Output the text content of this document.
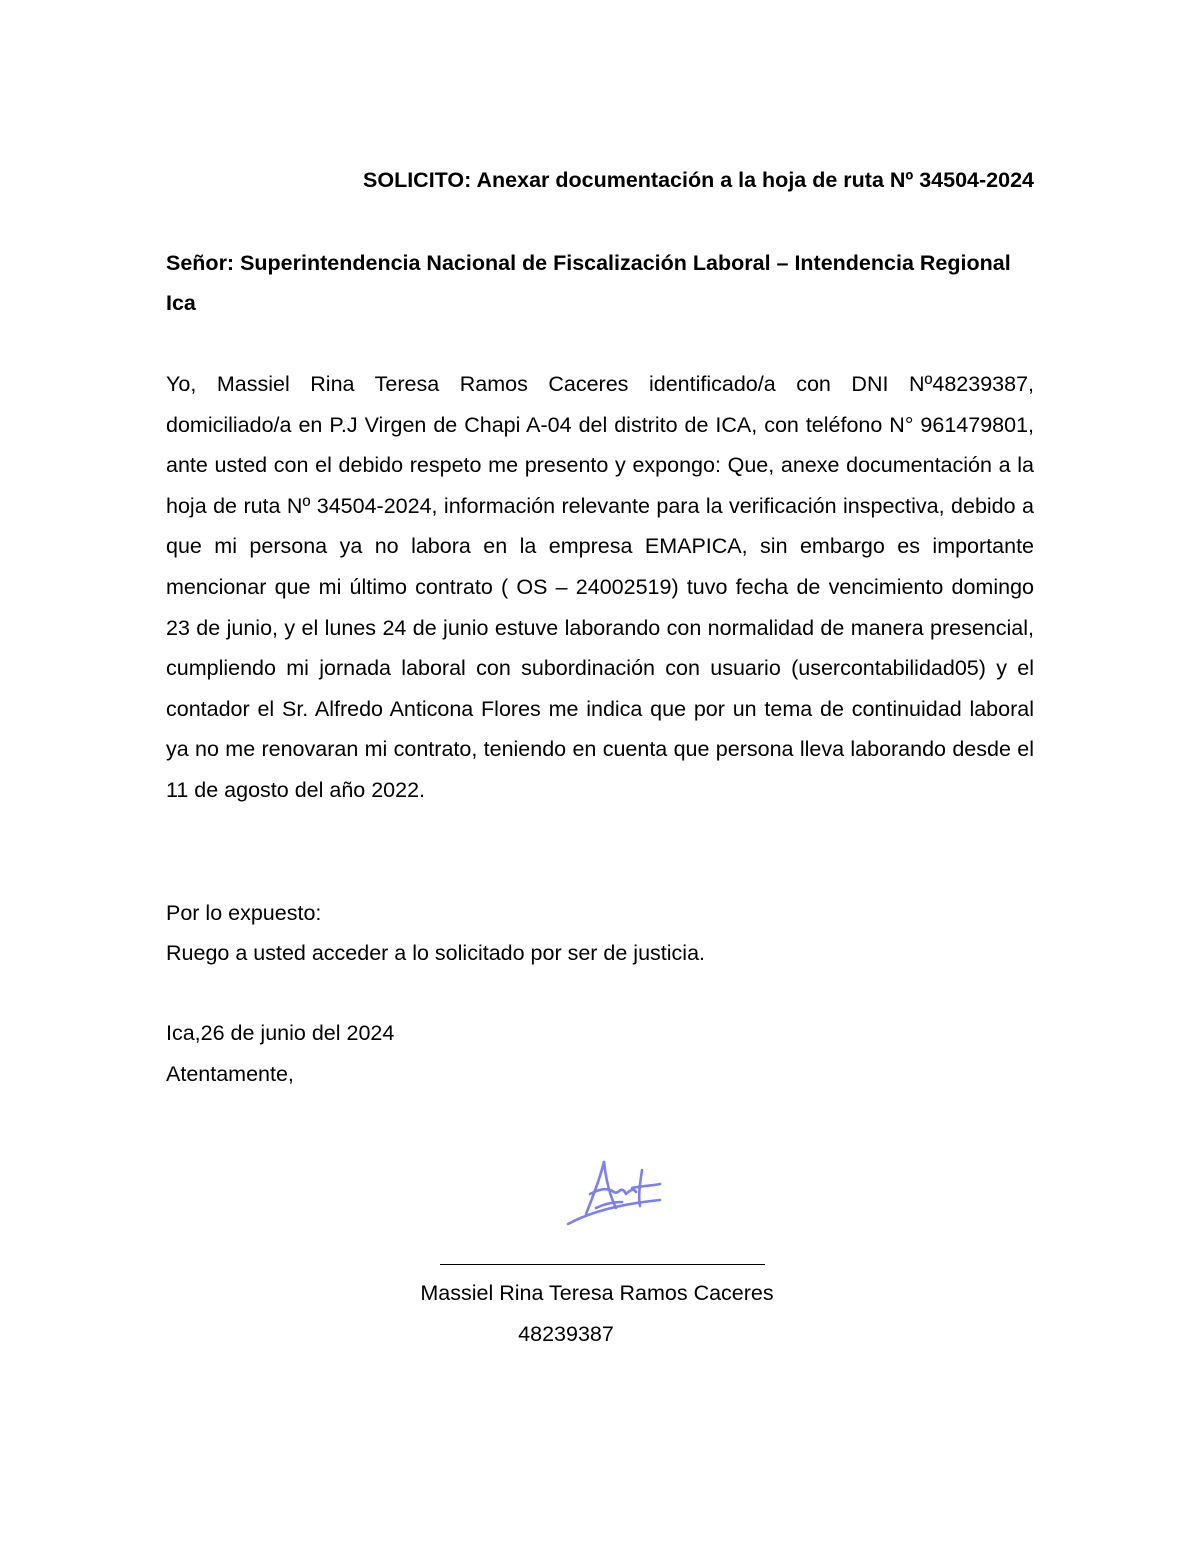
SOLICITO: Anexar documentación a la hoja de ruta Nº 34504-2024

Señor: Superintendencia Nacional de Fiscalización Laboral – Intendencia Regional Ica

Yo, Massiel Rina Teresa Ramos Caceres identificado/a con DNI Nº48239387, domiciliado/a en P.J Virgen de Chapi A-04 del distrito de ICA, con teléfono N° 961479801, ante usted con el debido respeto me presento y expongo: Que, anexe documentación a la hoja de ruta Nº 34504-2024, información relevante para la verificación inspectiva, debido a que mi persona ya no labora en la empresa EMAPICA, sin embargo es importante mencionar que mi último contrato ( OS – 24002519) tuvo fecha de vencimiento domingo 23 de junio, y el lunes 24 de junio estuve laborando con normalidad de manera presencial, cumpliendo mi jornada laboral con subordinación con usuario (usercontabilidad05) y el contador el Sr. Alfredo Anticona Flores me indica que por un tema de continuidad laboral ya no me renovaran mi contrato, teniendo en cuenta que persona lleva laborando desde el 11 de agosto del año 2022.

Por lo expuesto:
Ruego a usted acceder a lo solicitado por ser de justicia.
Ica,26 de junio del 2024
Atentamente,

Massiel Rina Teresa Ramos Caceres

48239387
